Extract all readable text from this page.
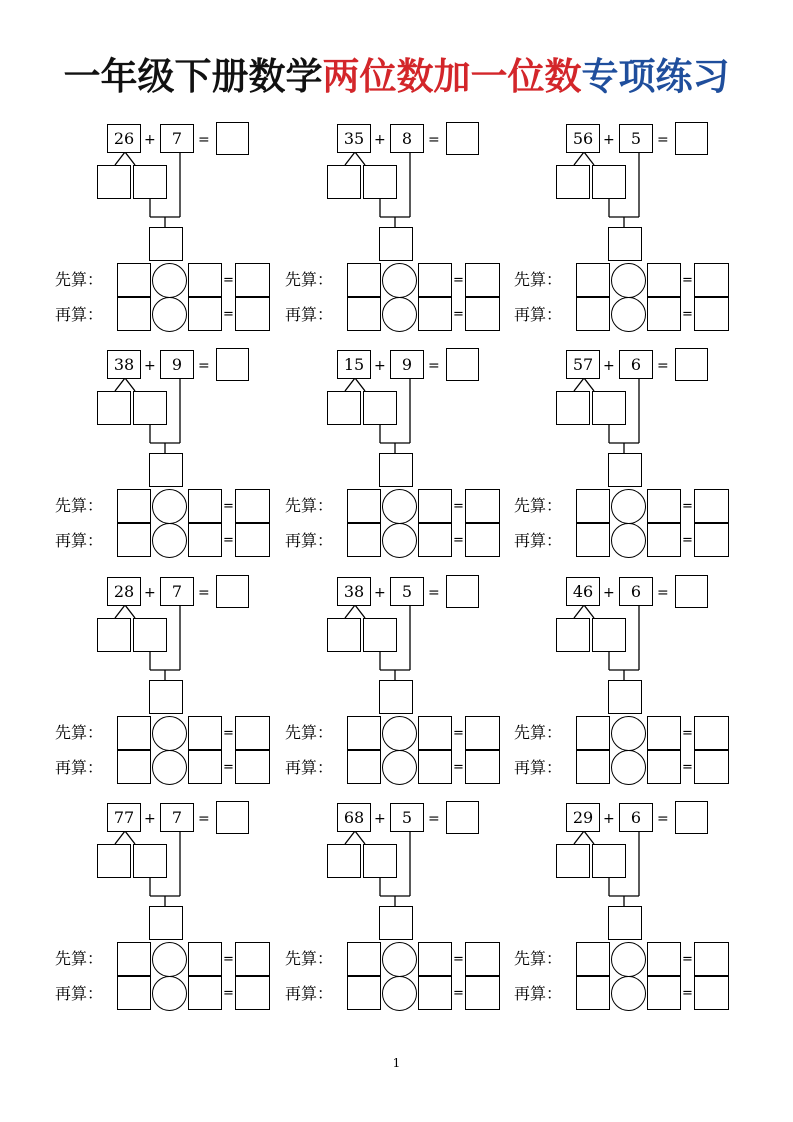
一年级下册数学两位数加一位数专项练习
26 + 7 =
先算：	=
再算：	=
35 + 8 =
先算：	=
再算：	=
56 + 5 =
先算：	=
再算：	=
38 + 9 =
先算：	=
再算：	=
15 + 9 =
先算：	=
再算：	=
57 + 6 =
先算：	=
再算：	=
28 + 7 =
先算：	=
再算：	=
38 + 5 =
先算：	=
再算：	=
46 + 6 =
先算：	=
再算：	=
77 + 7 =
先算：	=
再算：	=
68 + 5 =
先算：	=
再算：	=
29 + 6 =
先算：	=
再算：	=
1
